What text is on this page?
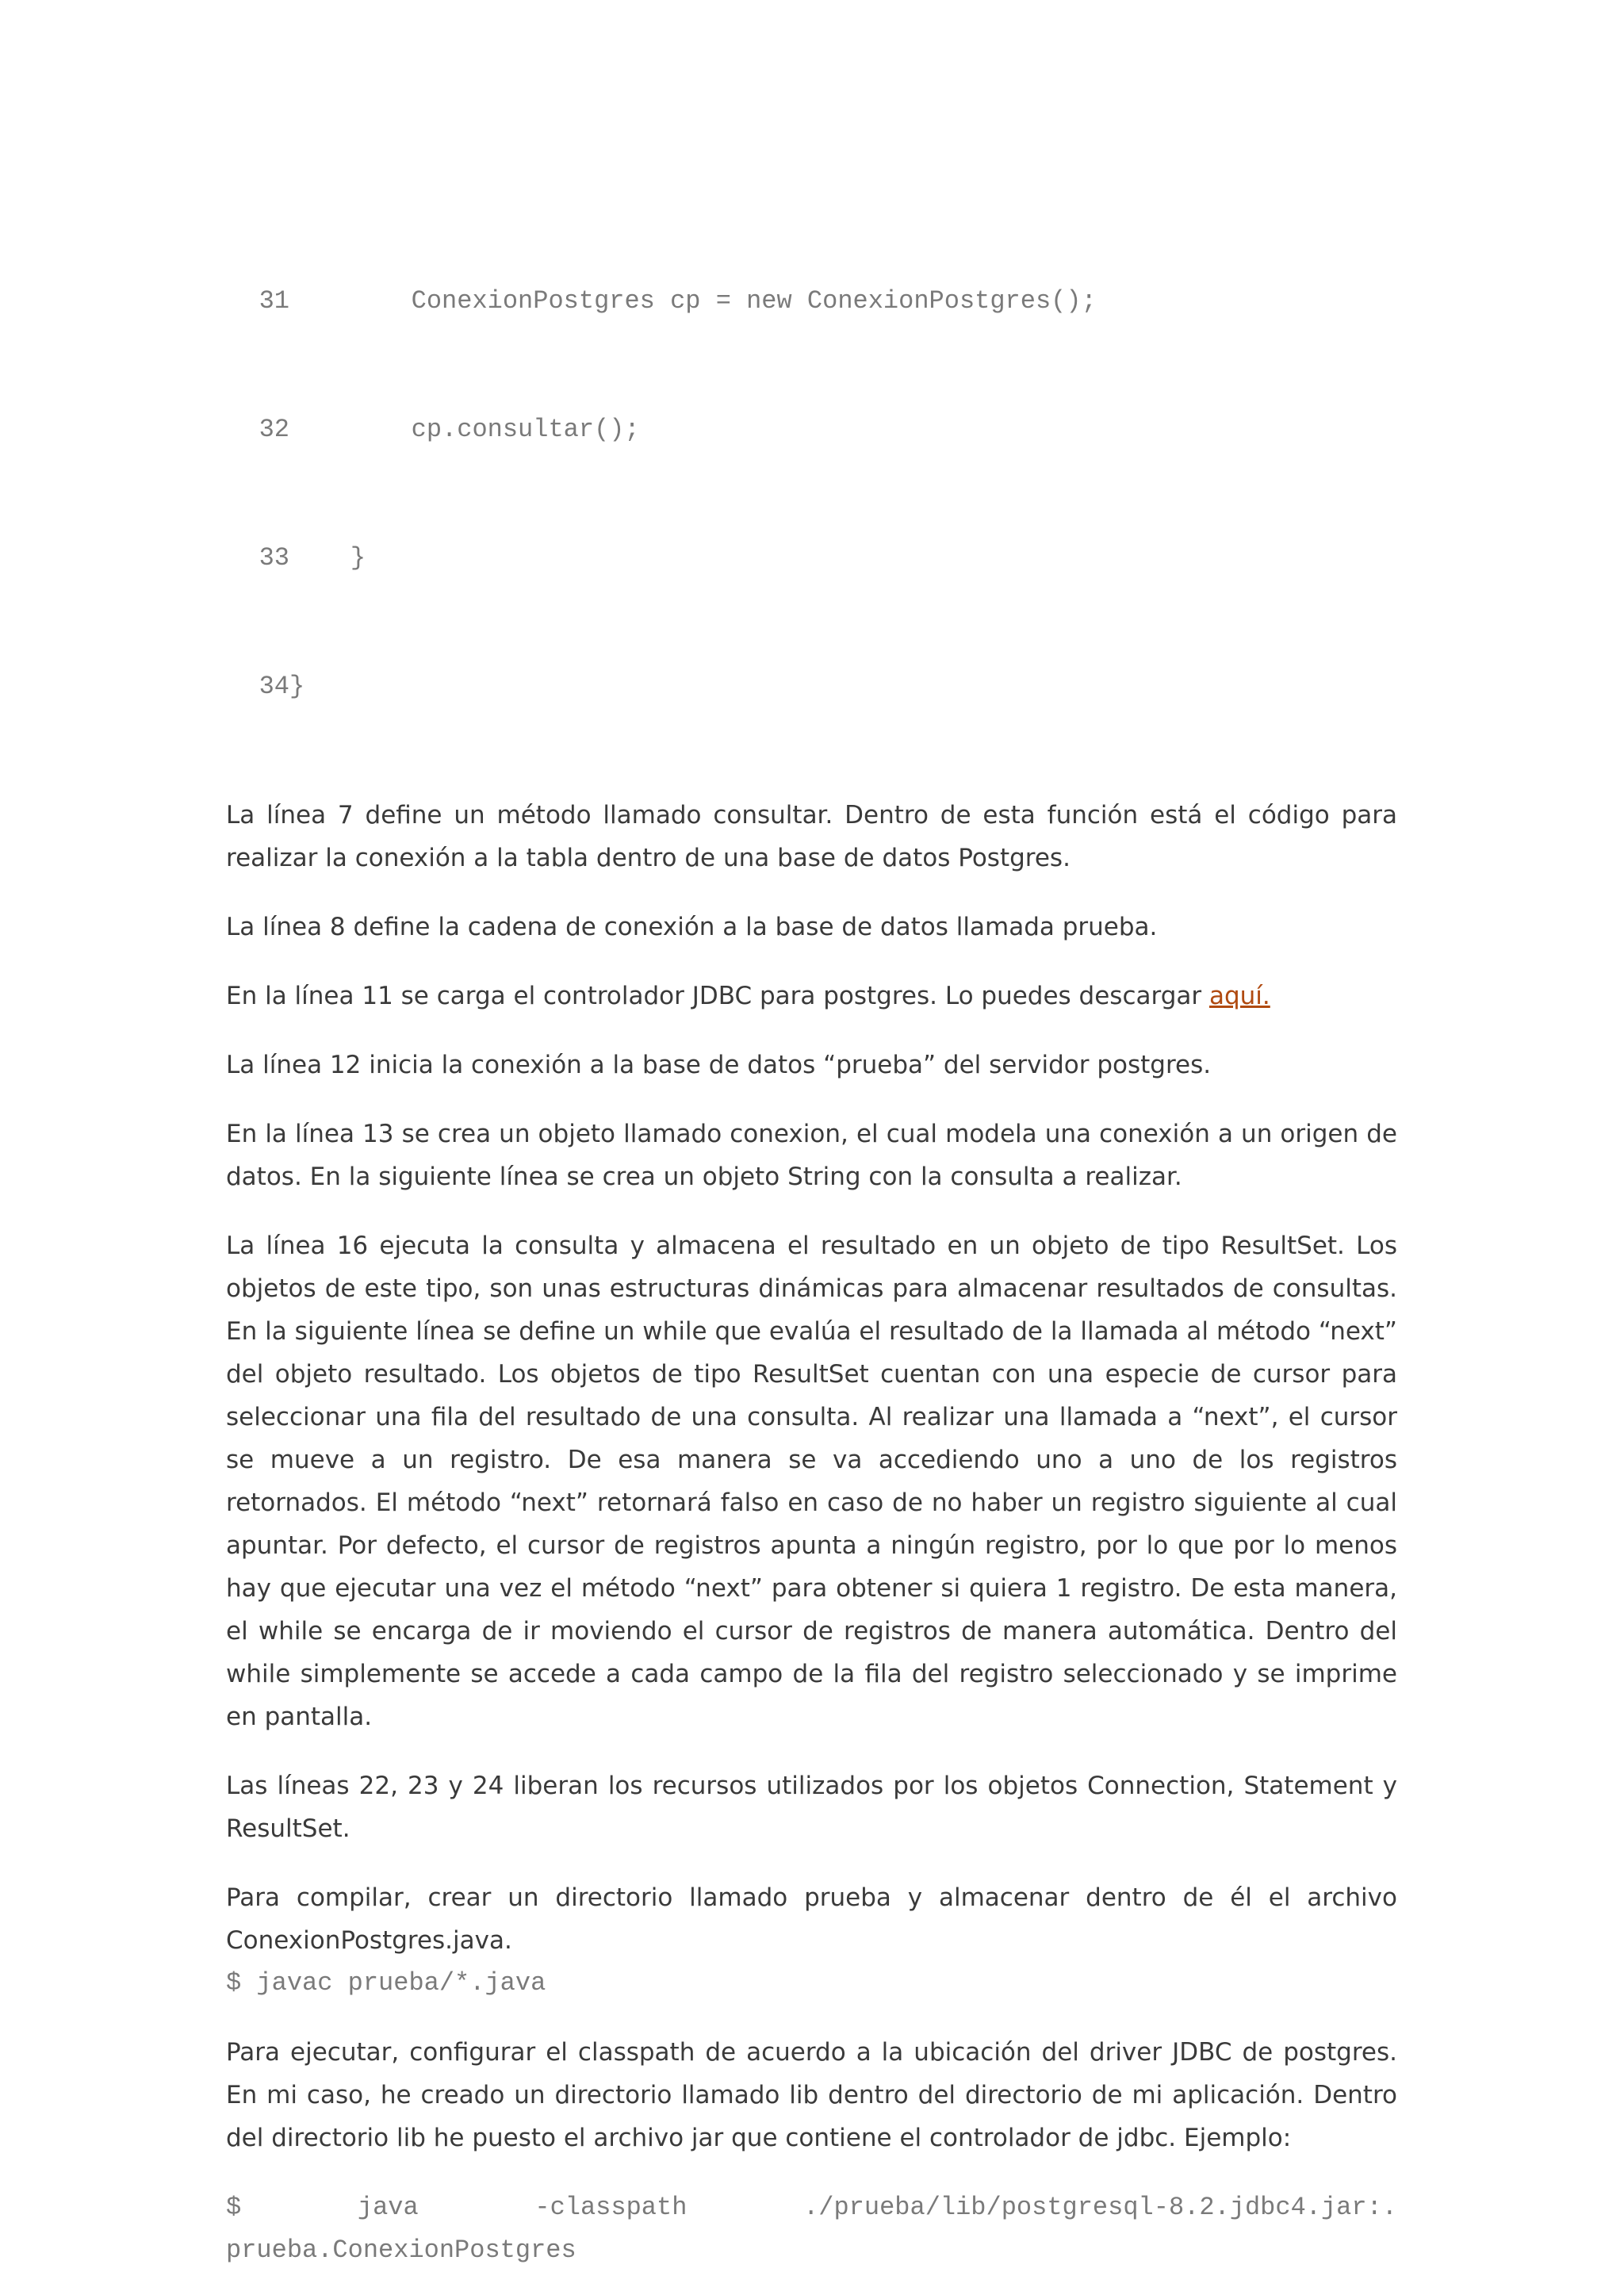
31        ConexionPostgres cp = new ConexionPostgres();

32        cp.consultar();

33    }

34}

La línea 7 define un método llamado consultar. Dentro de esta función está el código para realizar la conexión a la tabla dentro de una base de datos Postgres.

La línea 8 define la cadena de conexión a la base de datos llamada prueba.

En la línea 11 se carga el controlador JDBC para postgres. Lo puedes descargar aquí.

La línea 12 inicia la conexión a la base de datos “prueba” del servidor postgres.

En la línea 13 se crea un objeto llamado conexion, el cual modela una conexión a un origen de datos. En la siguiente línea se crea un objeto String con la consulta a realizar.

La línea 16 ejecuta la consulta y almacena el resultado en un objeto de tipo ResultSet. Los objetos de este tipo, son unas estructuras dinámicas para almacenar resultados de consultas. En la siguiente línea se define un while que evalúa el resultado de la llamada al método “next” del objeto resultado. Los objetos de tipo ResultSet cuentan con una especie de cursor para seleccionar una fila del resultado de una consulta. Al realizar una llamada a “next”, el cursor se mueve a un registro. De esa manera se va accediendo uno a uno de los registros retornados. El método “next” retornará falso en caso de no haber un registro siguiente al cual apuntar. Por defecto, el cursor de registros apunta a ningún registro, por lo que por lo menos hay que ejecutar una vez el método “next” para obtener si quiera 1 registro. De esta manera, el while se encarga de ir moviendo el cursor de registros de manera automática. Dentro del while simplemente se accede a cada campo de la fila del registro seleccionado y se imprime en pantalla.

Las líneas 22, 23 y 24 liberan los recursos utilizados por los objetos Connection, Statement y ResultSet.

Para compilar, crear un directorio llamado prueba y almacenar dentro de él el archivo ConexionPostgres.java.
$ javac prueba/*.java

Para ejecutar, configurar el classpath de acuerdo a la ubicación del driver JDBC de postgres. En mi caso, he creado un directorio llamado lib dentro del directorio de mi aplicación. Dentro del directorio lib he puesto el archivo jar que contiene el controlador de jdbc. Ejemplo:

$	java	-classpath	./prueba/lib/postgresql-8.2.jdbc4.jar:.
prueba.ConexionPostgres
